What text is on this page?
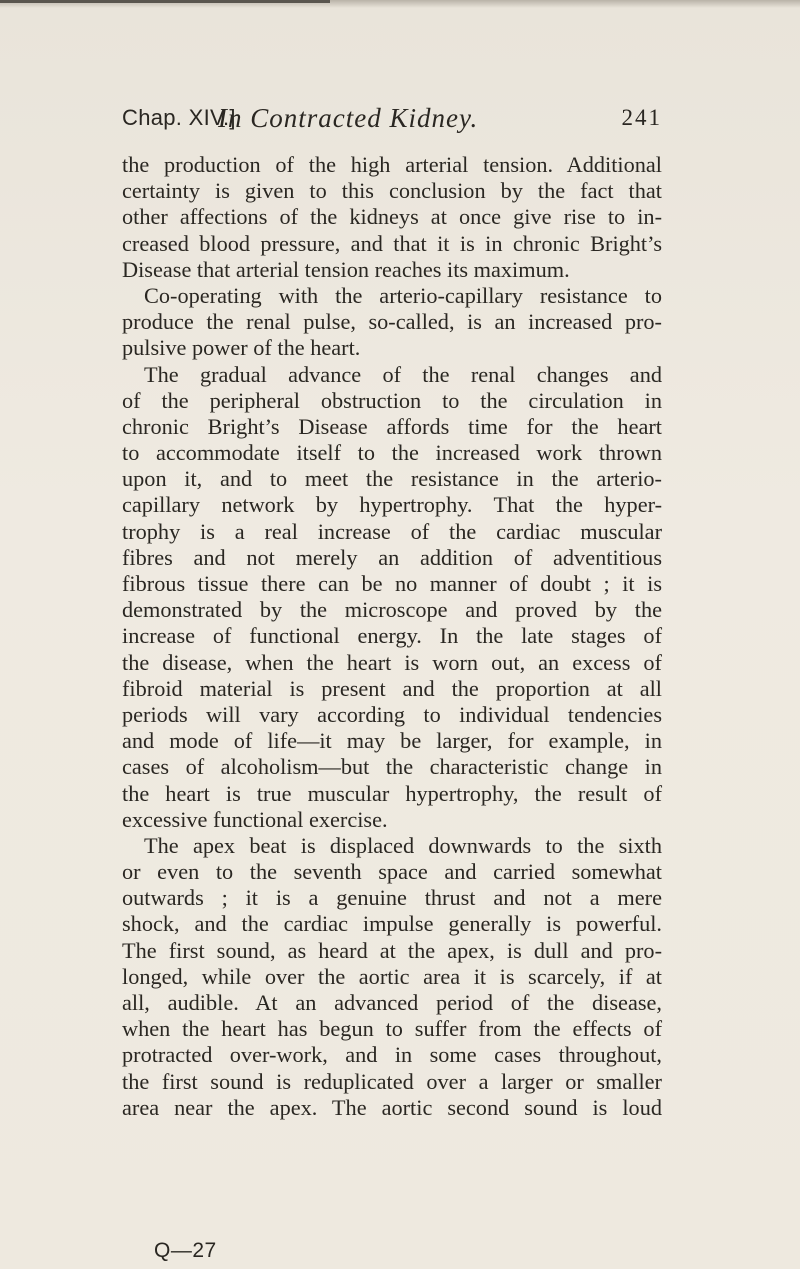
Chap. XIV.]
In Contracted Kidney.	241
the production of the high arterial tension. Additional
certainty is given to this conclusion by the fact that
other affections of the kidneys at once give rise to in-
creased blood pressure, and that it is in chronic Bright’s
Disease that arterial tension reaches its maximum.
Co-operating with the arterio-capillary resistance to
produce the renal pulse, so-called, is an increased pro-
pulsive power of the heart.
The gradual advance of the renal changes and
of the peripheral obstruction to the circulation in
chronic Bright’s Disease affords time for the heart
to accommodate itself to the increased work thrown
upon it, and to meet the resistance in the arterio-
capillary network by hypertrophy. That the hyper-
trophy is a real increase of the cardiac muscular
fibres and not merely an addition of adventitious
fibrous tissue there can be no manner of doubt ; it is
demonstrated by the microscope and proved by the
increase of functional energy. In the late stages of
the disease, when the heart is worn out, an excess of
fibroid material is present and the proportion at all
periods will vary according to individual tendencies
and mode of life—it may be larger, for example, in
cases of alcoholism—but the characteristic change in
the heart is true muscular hypertrophy, the result of
excessive functional exercise.
The apex beat is displaced downwards to the sixth
or even to the seventh space and carried somewhat
outwards ; it is a genuine thrust and not a mere
shock, and the cardiac impulse generally is powerful.
The first sound, as heard at the apex, is dull and pro-
longed, while over the aortic area it is scarcely, if at
all, audible. At an advanced period of the disease,
when the heart has begun to suffer from the effects of
protracted over-work, and in some cases throughout,
the first sound is reduplicated over a larger or smaller
area near the apex. The aortic second sound is loud
Q—27
